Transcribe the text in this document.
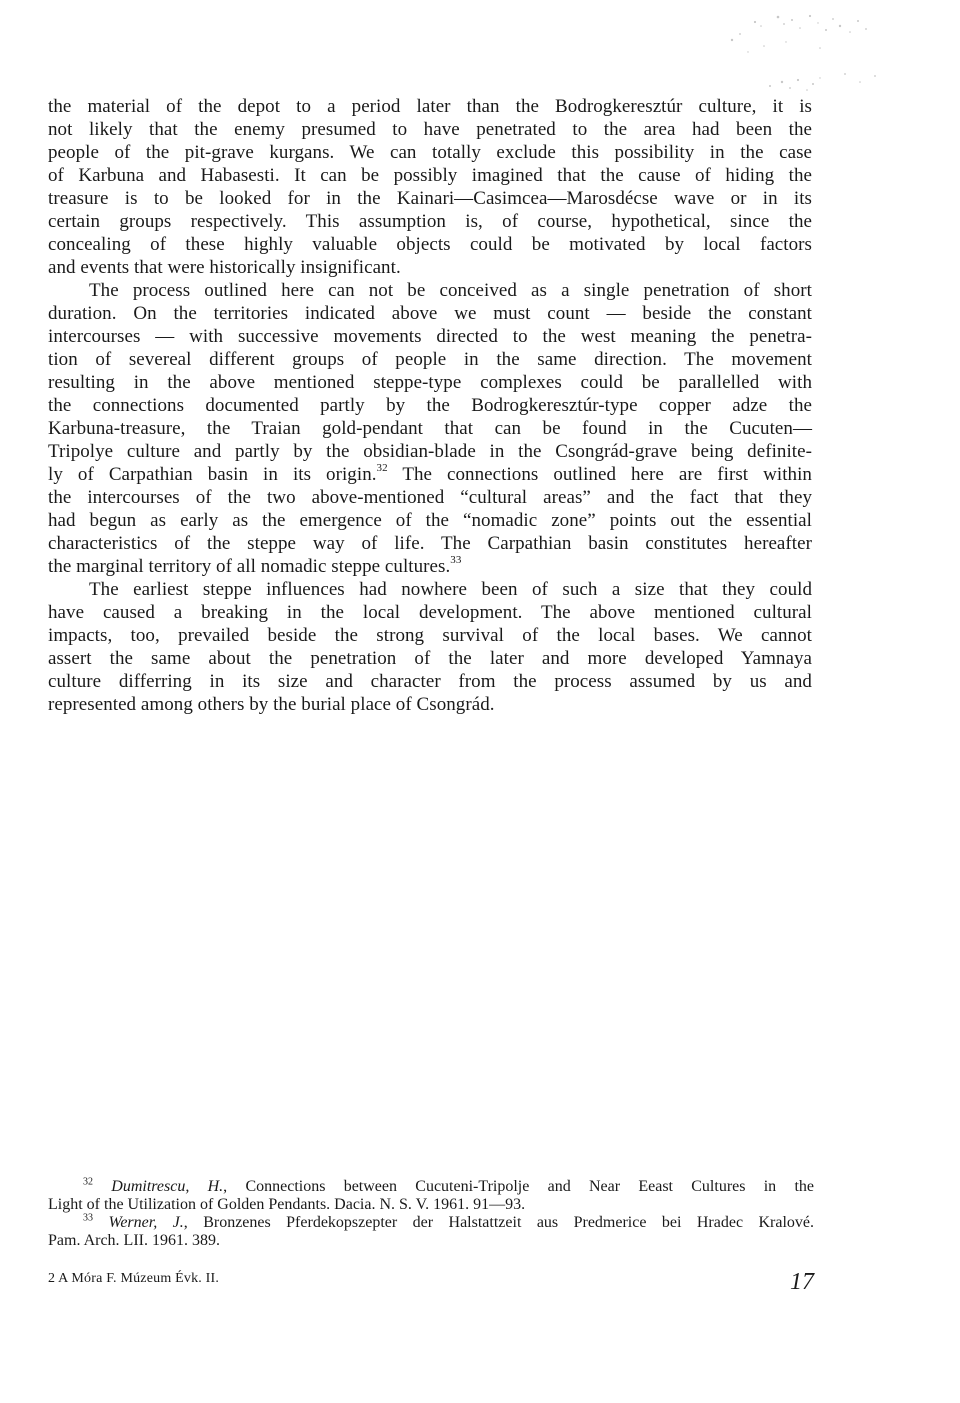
the material of the depot to a period later than the Bodrogkeresztúr culture, it is
not likely that the enemy presumed to have penetrated to the area had been the
people of the pit-grave kurgans. We can totally exclude this possibility in the case
of Karbuna and Habasesti. It can be possibly imagined that the cause of hiding the
treasure is to be looked for in the Kainari—Casimcea—Marosdécse wave or in its
certain groups respectively. This assumption is, of course, hypothetical, since the
concealing of these highly valuable objects could be motivated by local factors
and events that were historically insignificant.

The process outlined here can not be conceived as a single penetration of short
duration. On the territories indicated above we must count — beside the constant
intercourses — with successive movements directed to the west meaning the penetra-
tion of severeal different groups of people in the same direction. The movement
resulting in the above mentioned steppe-type complexes could be parallelled with
the connections documented partly by the Bodrogkeresztúr-type copper adze the
Karbuna-treasure, the Traian gold-pendant that can be found in the Cucuten—
Tripolye culture and partly by the obsidian-blade in the Csongrád-grave being definite-
ly of Carpathian basin in its origin.$^{32}$ The connections outlined here are first within
the intercourses of the two above-mentioned “cultural areas” and the fact that they
had begun as early as the emergence of the “nomadic zone” points out the essential
characteristics of the steppe way of life. The Carpathian basin constitutes hereafter
the marginal territory of all nomadic steppe cultures.$^{33}$

The earliest steppe influences had nowhere been of such a size that they could
have caused a breaking in the local development. The above mentioned cultural
impacts, too, prevailed beside the strong survival of the local bases. We cannot
assert the same about the penetration of the later and more developed Yamnaya
culture differring in its size and character from the process assumed by us and
represented among others by the burial place of Csongrád.

$^{32}$ Dumitrescu, H., Connections between Cucuteni-Tripolje and Near Eeast Cultures in the
Light of the Utilization of Golden Pendants. Dacia. N. S. V. 1961. 91—93.

$^{33}$ Werner, J., Bronzenes Pferdekopszepter der Halstattzeit aus Predmerice bei Hradec Kralové.
Pam. Arch. LII. 1961. 389.

2 A Móra F. Múzeum Évk. II.	17
